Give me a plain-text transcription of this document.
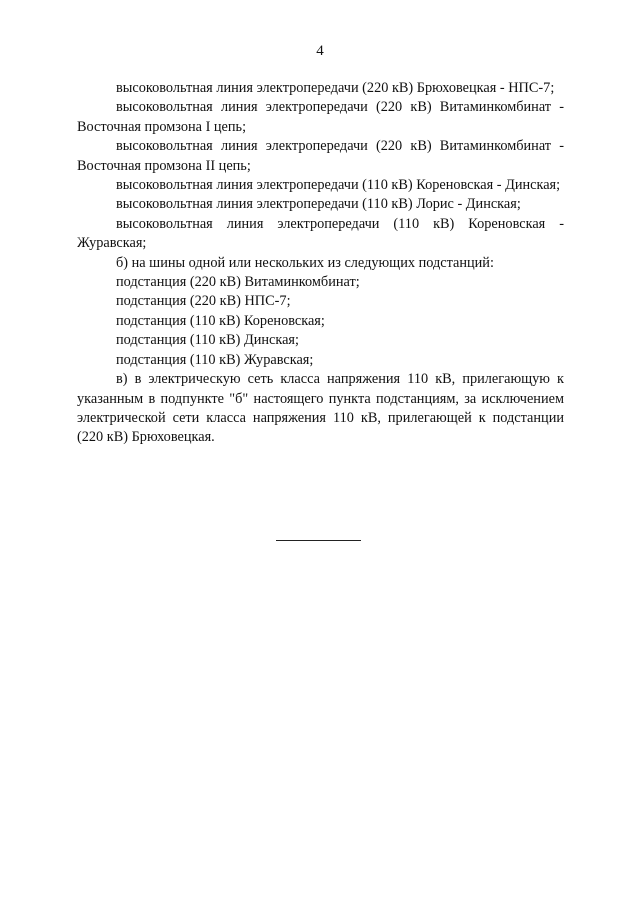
4

высоковольтная линия электропередачи (220 кВ) Брюховецкая - НПС-7;

высоковольтная линия электропередачи (220 кВ) Витаминкомбинат - Восточная промзона I цепь;

высоковольтная линия электропередачи (220 кВ) Витаминкомбинат - Восточная промзона II цепь;

высоковольтная линия электропередачи (110 кВ) Кореновская - Динская;

высоковольтная линия электропередачи (110 кВ) Лорис - Динская;

высоковольтная линия электропередачи (110 кВ) Кореновская - Журавская;

б) на шины одной или нескольких из следующих подстанций:

подстанция (220 кВ) Витаминкомбинат;

подстанция (220 кВ) НПС-7;

подстанция (110 кВ) Кореновская;

подстанция (110 кВ) Динская;

подстанция (110 кВ) Журавская;

в) в электрическую сеть класса напряжения 110 кВ, прилегающую к указанным в подпункте "б" настоящего пункта подстанциям, за исключением электрической сети класса напряжения 110 кВ, прилегающей к подстанции (220 кВ) Брюховецкая.
